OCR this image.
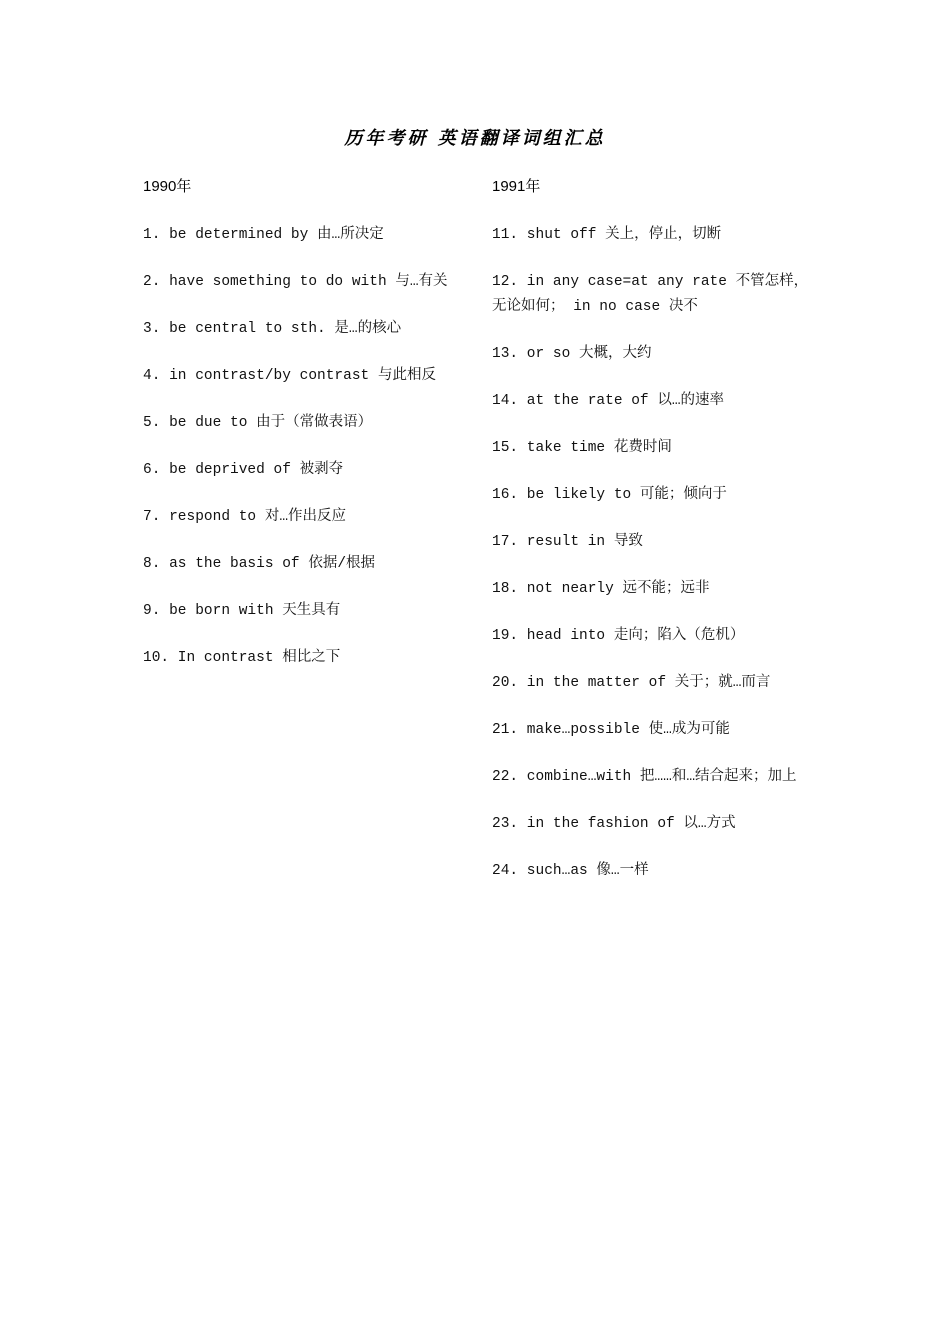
历年考研 英语翻译词组汇总
1990年
1. be determined by 由…所决定
2. have something to do with 与…有关
3. be central to sth. 是…的核心
4. in contrast/by contrast 与此相反
5. be due to 由于（常做表语）
6. be deprived of 被剥夺
7. respond to 对…作出反应
8. as the basis of 依据/根据
9. be born with 天生具有
10. In contrast 相比之下
1991年
11. shut off 关上，停止，切断
12. in any case=at any rate 不管怎样，无论如何； in no case 决不
13. or so 大概，大约
14. at the rate of 以…的速率
15. take time 花费时间
16. be likely to 可能；倾向于
17. result in 导致
18. not nearly 远不能；远非
19. head into 走向；陷入（危机）
20. in the matter of 关于；就…而言
21. make…possible 使…成为可能
22. combine…with 把……和…结合起来；加上
23. in the fashion of 以…方式
24. such…as 像…一样
